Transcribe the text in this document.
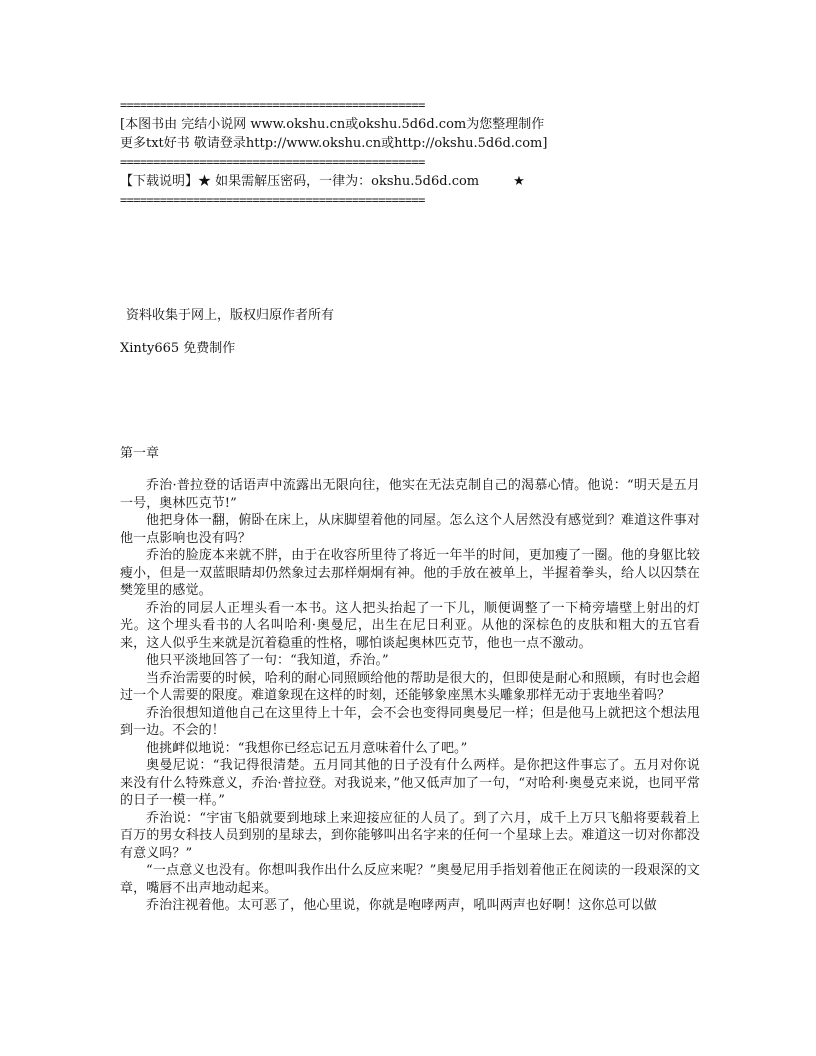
==============================================
[本图书由 完结小说网 www.okshu.cn或okshu.5d6d.com为您整理制作
更多txt好书 敬请登录http://www.okshu.cn或http://okshu.5d6d.com]
==============================================
【下载说明】★ 如果需解压密码，一律为：okshu.5d6d.com	★
==============================================
资料收集于网上，版权归原作者所有
Xinty665 免费制作
第一章

乔治·普拉登的话语声中流露出无限向往，他实在无法克制自己的渴慕心情。他说：“明天是五月一号，奥林匹克节!”

他把身体一翻，俯卧在床上，从床脚望着他的同屋。怎么这个人居然没有感觉到？难道这件事对他一点影响也没有吗？

乔治的脸庞本来就不胖，由于在收容所里待了将近一年半的时间，更加瘦了一圈。他的身躯比较瘦小，但是一双蓝眼睛却仍然象过去那样炯炯有神。他的手放在被单上，半握着拳头，给人以囚禁在樊笼里的感觉。

乔治的同层人正埋头看一本书。这人把头抬起了一下儿，顺便调整了一下椅旁墙壁上射出的灯光。这个埋头看书的人名叫哈利·奥曼尼，出生在尼日利亚。从他的深棕色的皮肤和粗大的五官看来，这人似乎生来就是沉着稳重的性格，哪怕谈起奥林匹克节，他也一点不激动。

他只平淡地回答了一句：“我知道，乔治。”

当乔治需要的时候，哈利的耐心同照顾给他的帮助是很大的，但即使是耐心和照顾，有时也会超过一个人需要的限度。难道象现在这样的时刻，还能够象座黑木头雕象那样无动于衷地坐着吗？

乔治很想知道他自己在这里待上十年，会不会也变得同奥曼尼一样；但是他马上就把这个想法甩到一边。不会的！

他挑衅似地说：“我想你已经忘记五月意味着什么了吧。”

奥曼尼说：“我记得很清楚。五月同其他的日子没有什么两样。是你把这件事忘了。五月对你说来没有什么特殊意义，乔治·普拉登。对我说来，”他又低声加了一句，“对哈利·奥曼克来说，也同平常的日子一模一样。”

乔治说：“宇宙飞船就要到地球上来迎接应征的人员了。到了六月，成千上万只飞船将要载着上百万的男女科技人员到别的星球去，到你能够叫出名字来的任何一个星球上去。难道这一切对你都没有意义吗？”

“一点意义也没有。你想叫我作出什么反应来呢？”奥曼尼用手指划着他正在阅读的一段艰深的文章，嘴唇不出声地动起来。

乔治注视着他。太可恶了，他心里说，你就是咆哮两声，吼叫两声也好啊！这你总可以做
